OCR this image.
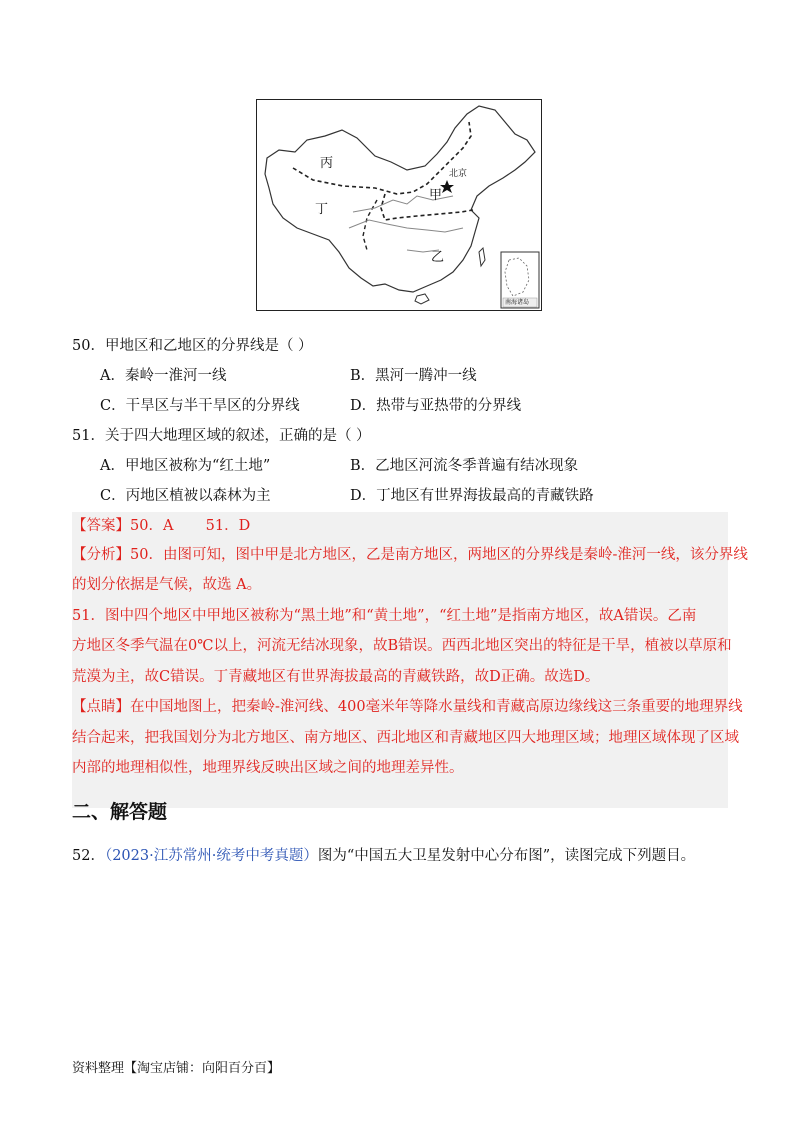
丙
丁
甲
乙
北京
南海诸岛
50．甲地区和乙地区的分界线是（ ）
A．秦岭一淮河一线	B．黑河一腾冲一线
C．干旱区与半干旱区的分界线	D．热带与亚热带的分界线
51．关于四大地理区域的叙述，正确的是（ ）
A．甲地区被称为“红土地”	B．乙地区河流冬季普遍有结冰现象
C．丙地区植被以森林为主	D．丁地区有世界海拔最高的青藏铁路
【答案】50．A       51．D
【分析】50．由图可知，图中甲是北方地区，乙是南方地区，两地区的分界线是秦岭-淮河一线，该分界线
的划分依据是气候，故选 A。
51．图中四个地区中甲地区被称为“黑土地”和“黄土地”，“红土地”是指南方地区，故A错误。乙南
方地区冬季气温在0℃以上，河流无结冰现象，故B错误。西西北地区突出的特征是干旱，植被以草原和
荒漠为主，故C错误。丁青藏地区有世界海拔最高的青藏铁路，故D正确。故选D。
【点睛】在中国地图上，把秦岭-淮河线、400毫米年等降水量线和青藏高原边缘线这三条重要的地理界线
结合起来，把我国划分为北方地区、南方地区、西北地区和青藏地区四大地理区域；地理区域体现了区域
内部的地理相似性，地理界线反映出区域之间的地理差异性。
二、解答题
52．（2023·江苏常州·统考中考真题）图为“中国五大卫星发射中心分布图”，读图完成下列题目。
资料整理【淘宝店铺：向阳百分百】
